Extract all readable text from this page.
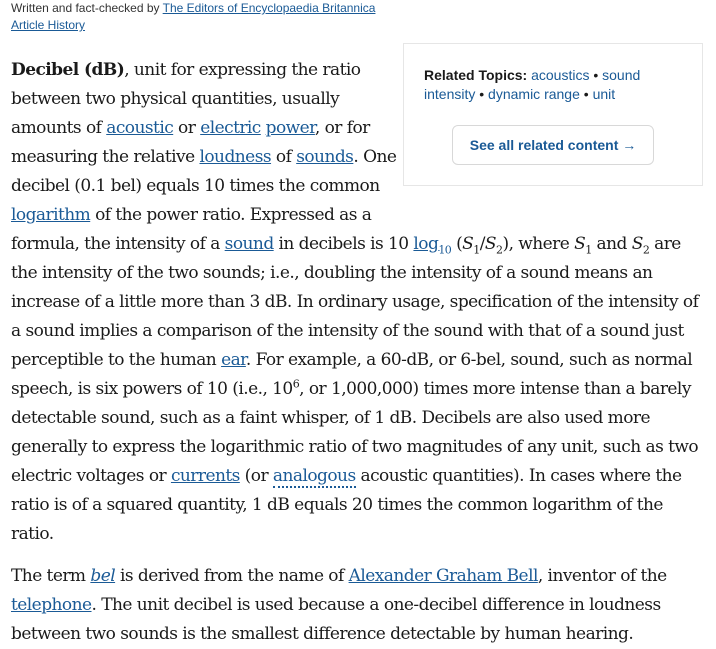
Written and fact-checked by The Editors of Encyclopaedia Britannica
Article History
Related Topics: acoustics • sound intensity • dynamic range • unit
See all related content →

Decibel (dB), unit for expressing the ratio between two physical quantities, usually amounts of acoustic or electric power, or for measuring the relative loudness of sounds. One decibel (0.1 bel) equals 10 times the common logarithm of the power ratio. Expressed as a formula, the intensity of a sound in decibels is 10 $\log_{10} (S_1/S_2)$, where $S_1$ and $S_2$ are the intensity of the two sounds; i.e., doubling the intensity of a sound means an increase of a little more than 3 dB. In ordinary usage, specification of the intensity of a sound implies a comparison of the intensity of the sound with that of a sound just perceptible to the human ear. For example, a 60-dB, or 6-bel, sound, such as normal speech, is six powers of 10 (i.e., $10^6$, or 1,000,000) times more intense than a barely detectable sound, such as a faint whisper, of 1 dB. Decibels are also used more generally to express the logarithmic ratio of two magnitudes of any unit, such as two electric voltages or currents (or analogous acoustic quantities). In cases where the ratio is of a squared quantity, 1 dB equals 20 times the common logarithm of the ratio.

The term bel is derived from the name of Alexander Graham Bell, inventor of the telephone. The unit decibel is used because a one-decibel difference in loudness between two sounds is the smallest difference detectable by human hearing.
